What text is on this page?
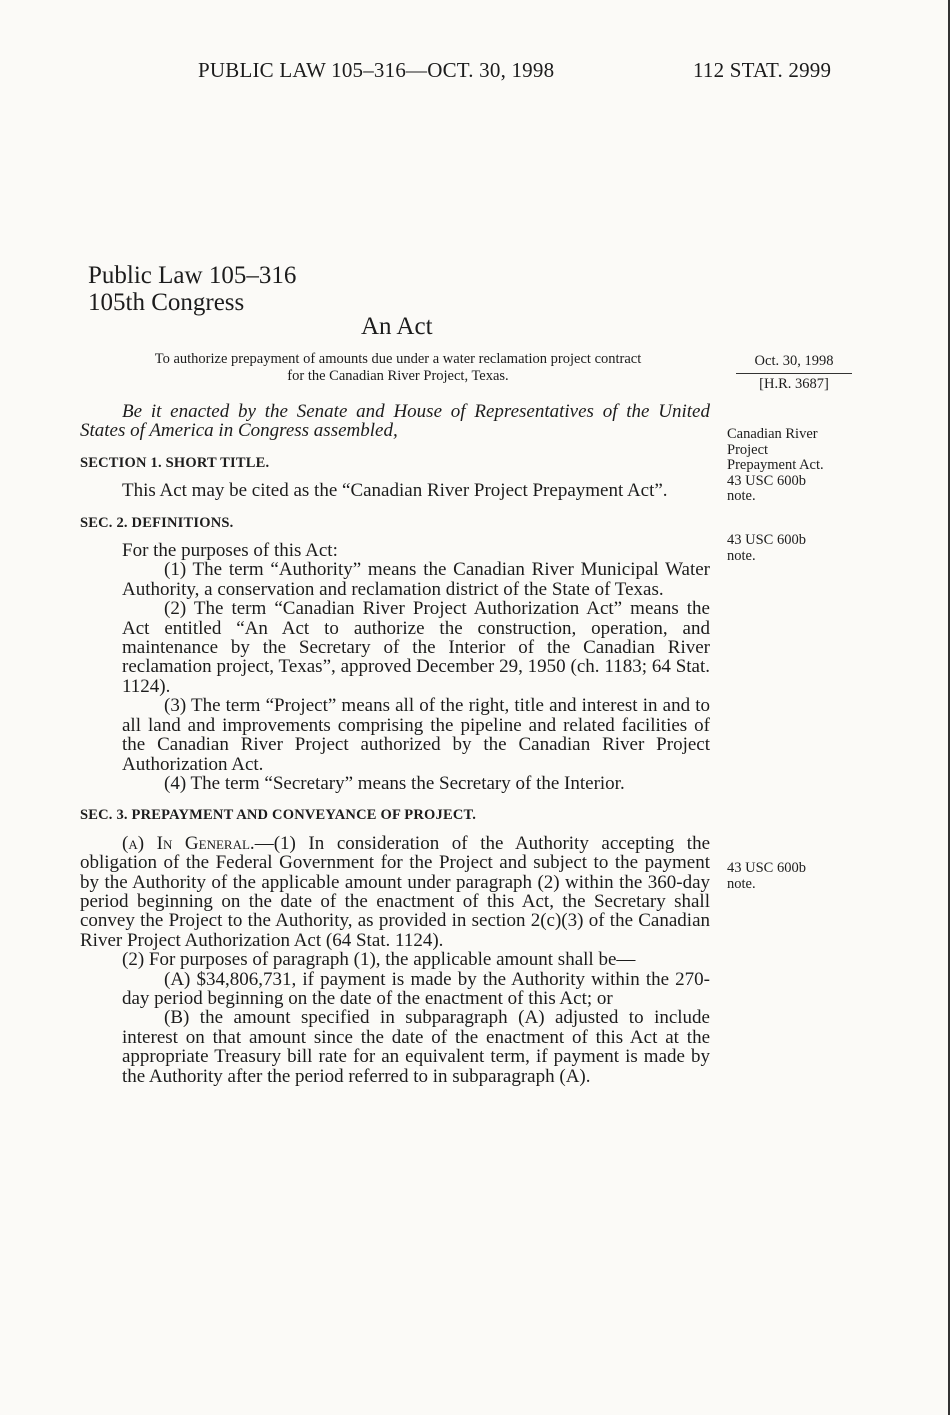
PUBLIC LAW 105–316—OCT. 30, 1998	112 STAT. 2999
Public Law 105–316
105th Congress
An Act
To authorize prepayment of amounts due under a water reclamation project contract
for the Canadian River Project, Texas.
Oct. 30, 1998
[H.R. 3687]
Canadian River
Project
Prepayment Act.
43 USC 600b
note.
43 USC 600b
note.
43 USC 600b
note.

Be it enacted by the Senate and House of Representatives of the United States of America in Congress assembled,

SECTION 1. SHORT TITLE.

This Act may be cited as the “Canadian River Project Prepayment Act”.

SEC. 2. DEFINITIONS.

For the purposes of this Act:

(1) The term “Authority” means the Canadian River Municipal Water Authority, a conservation and reclamation district of the State of Texas.

(2) The term “Canadian River Project Authorization Act” means the Act entitled “An Act to authorize the construction, operation, and maintenance by the Secretary of the Interior of the Canadian River reclamation project, Texas”, approved December 29, 1950 (ch. 1183; 64 Stat. 1124).

(3) The term “Project” means all of the right, title and interest in and to all land and improvements comprising the pipeline and related facilities of the Canadian River Project authorized by the Canadian River Project Authorization Act.

(4) The term “Secretary” means the Secretary of the Interior.

SEC. 3. PREPAYMENT AND CONVEYANCE OF PROJECT.

(a) In General.—(1) In consideration of the Authority accepting the obligation of the Federal Government for the Project and subject to the payment by the Authority of the applicable amount under paragraph (2) within the 360-day period beginning on the date of the enactment of this Act, the Secretary shall convey the Project to the Authority, as provided in section 2(c)(3) of the Canadian River Project Authorization Act (64 Stat. 1124).

(2) For purposes of paragraph (1), the applicable amount shall be—

(A) $34,806,731, if payment is made by the Authority within the 270-day period beginning on the date of the enactment of this Act; or

(B) the amount specified in subparagraph (A) adjusted to include interest on that amount since the date of the enactment of this Act at the appropriate Treasury bill rate for an equivalent term, if payment is made by the Authority after the period referred to in subparagraph (A).
